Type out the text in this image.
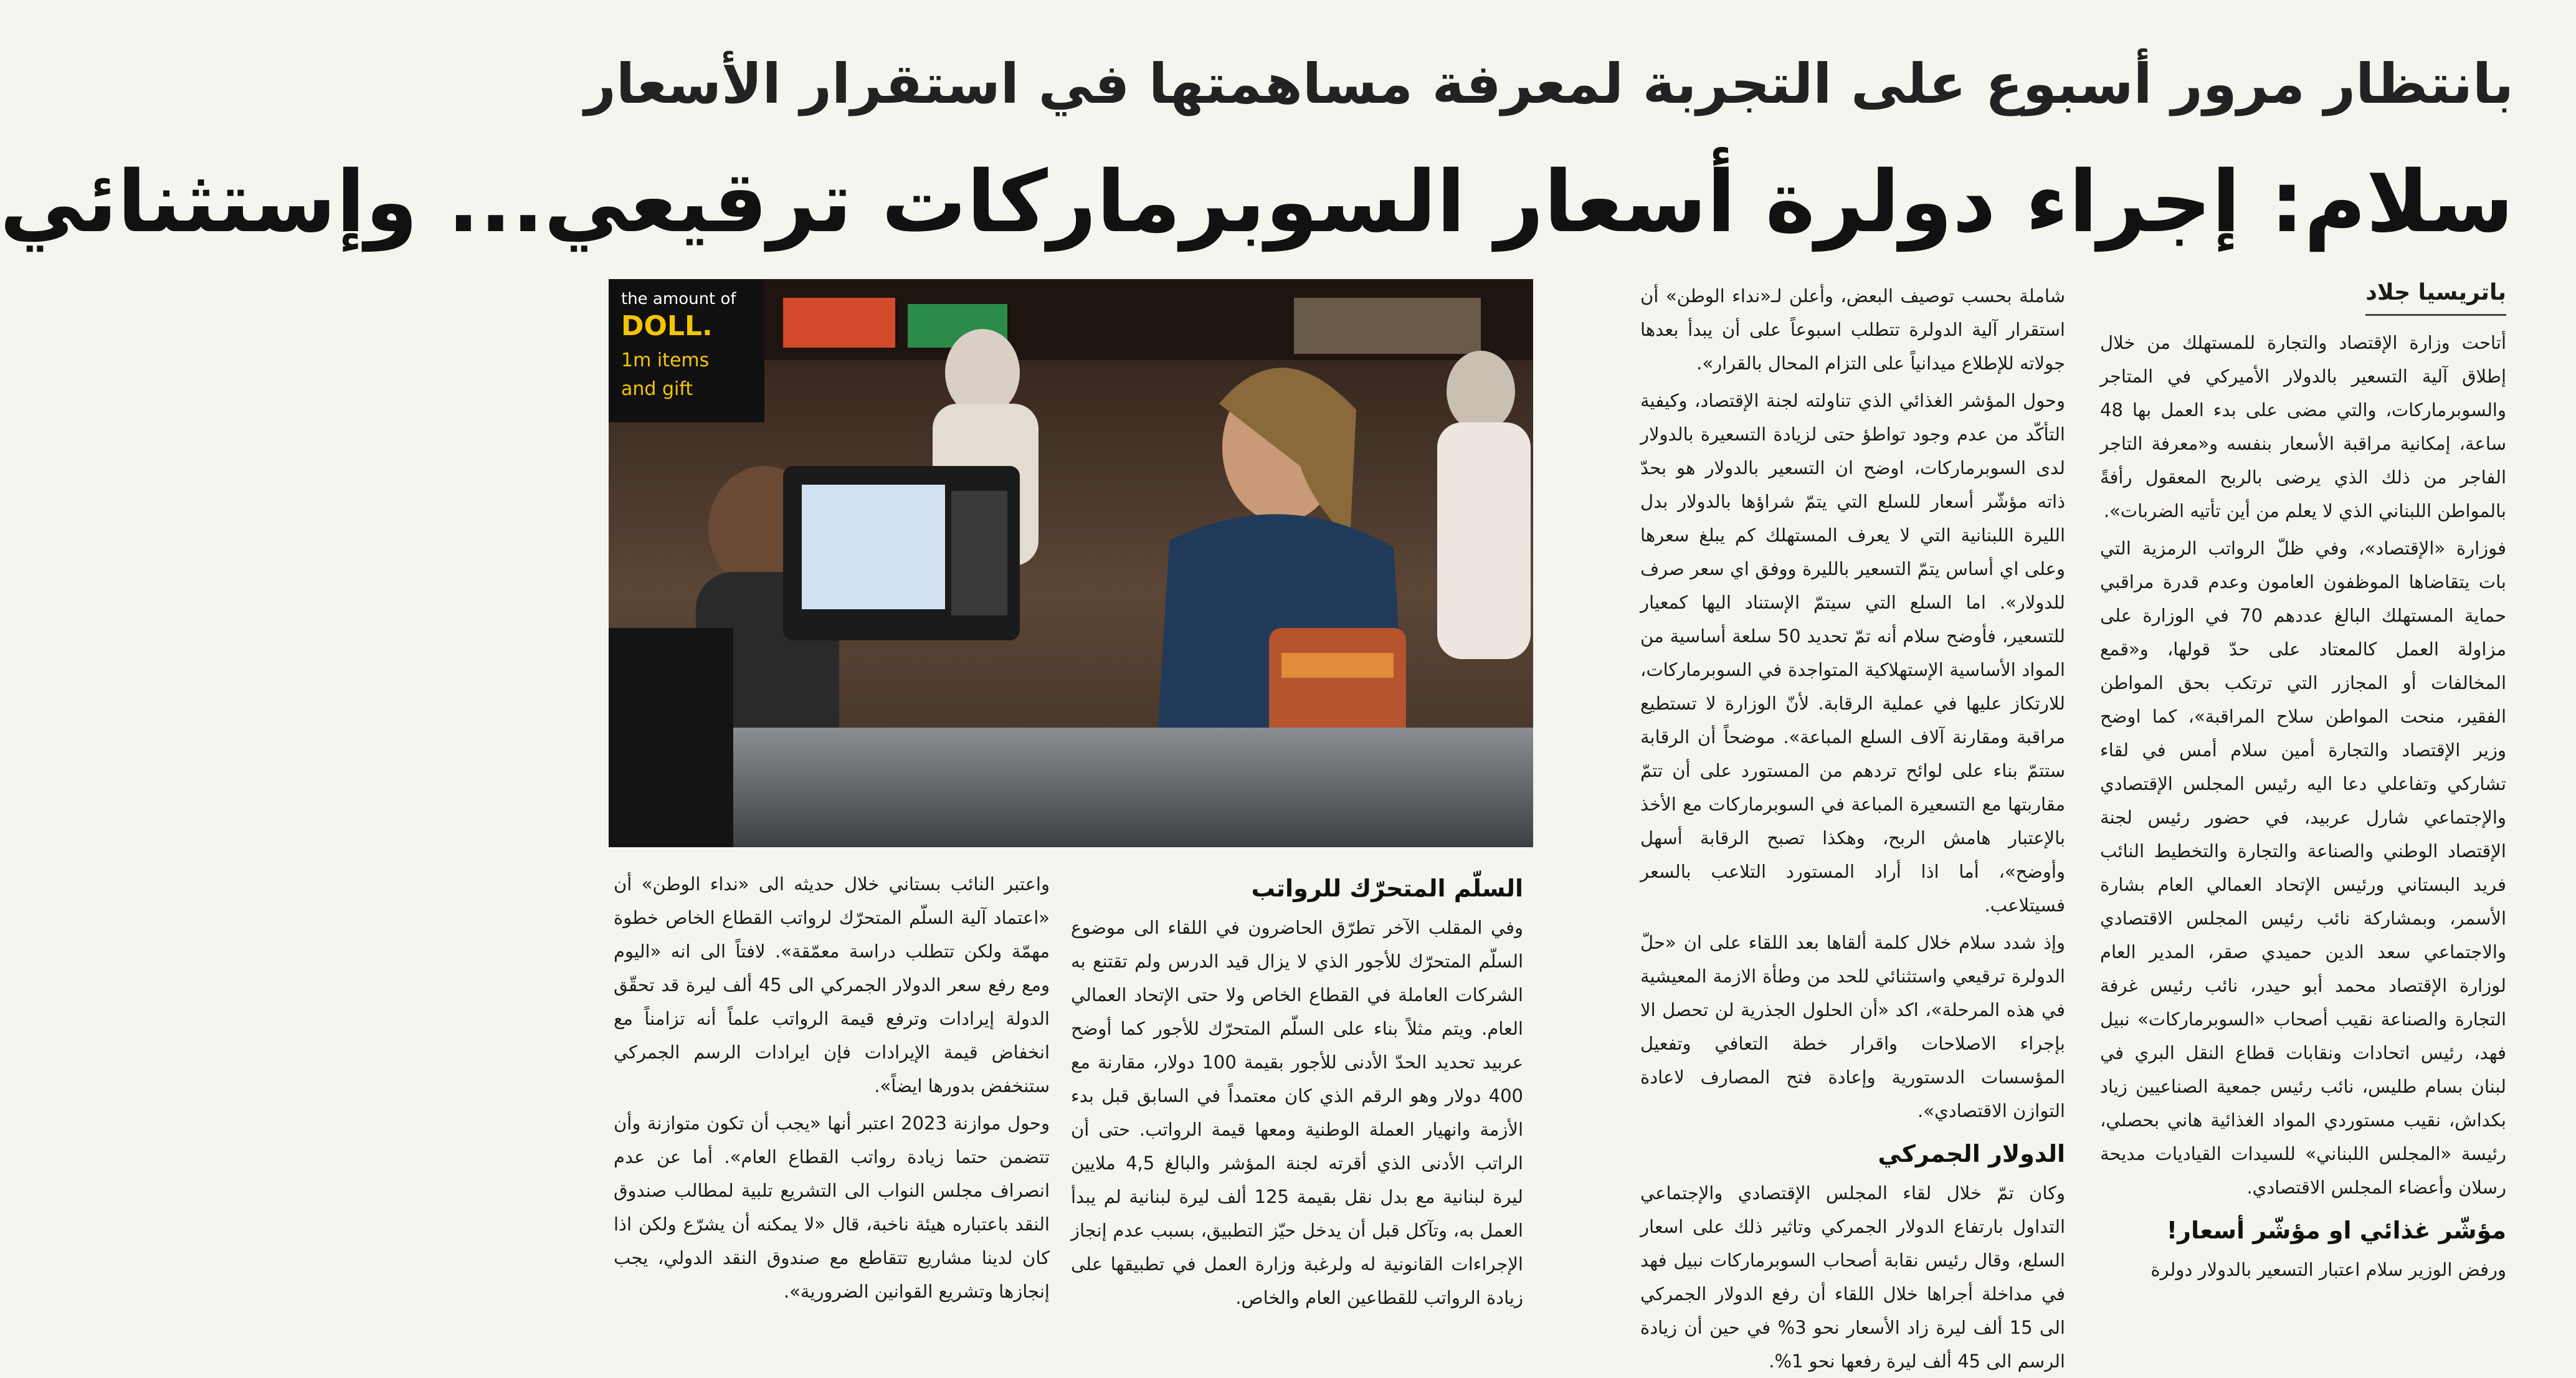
بانتظار مرور أسبوع على التجربة لمعرفة مساهمتها في استقرار الأسعار
سلام: إجراء دولرة أسعار السوبرماركات ترقيعي... وإستثنائي
باتريسيا جلاد

أتاحت وزارة الإقتصاد والتجارة للمستهلك من خلال إطلاق آلية التسعير بالدولار الأميركي في المتاجر والسوبرماركات، والتي مضى على بدء العمل بها 48 ساعة، إمكانية مراقبة الأسعار بنفسه و«معرفة التاجر الفاجر من ذلك الذي يرضى بالربح المعقول رأفةً بالمواطن اللبناني الذي لا يعلم من أين تأتيه الضربات».

فوزارة «الإقتصاد»، وفي ظلّ الرواتب الرمزية التي بات يتقاضاها الموظفون العامون وعدم قدرة مراقبي حماية المستهلك البالغ عددهم 70 في الوزارة على مزاولة العمل كالمعتاد على حدّ قولها، و«قمع المخالفات أو المجازر التي ترتكب بحق المواطن الفقير، منحت المواطن سلاح المراقبة»، كما اوضح وزير الإقتصاد والتجارة أمين سلام أمس في لقاء تشاركي وتفاعلي دعا اليه رئيس المجلس الإقتصادي والإجتماعي شارل عربيد، في حضور رئيس لجنة الإقتصاد الوطني والصناعة والتجارة والتخطيط النائب فريد البستاني ورئيس الإتحاد العمالي العام بشارة الأسمر، وبمشاركة نائب رئيس المجلس الاقتصادي والاجتماعي سعد الدين حميدي صقر، المدير العام لوزارة الإقتصاد محمد أبو حيدر، نائب رئيس غرفة التجارة والصناعة نقيب أصحاب «السوبرماركات» نبيل فهد، رئيس اتحادات ونقابات قطاع النقل البري في لبنان بسام طليس، نائب رئيس جمعية الصناعيين زياد بكداش، نقيب مستوردي المواد الغذائية هاني بحصلي، رئيسة «المجلس اللبناني» للسيدات القياديات مديحة رسلان وأعضاء المجلس الاقتصادي.

مؤشّر غذائي او مؤشّر أسعار!

ورفض الوزير سلام اعتبار التسعير بالدولار دولرة

شاملة بحسب توصيف البعض، وأعلن لـ«نداء الوطن» أن استقرار آلية الدولرة تتطلب اسبوعاً على أن يبدأ بعدها جولاته للإطلاع ميدانياً على التزام المحال بالقرار».

وحول المؤشر الغذائي الذي تناولته لجنة الإقتصاد، وكيفية التأكّد من عدم وجود تواطؤ حتى لزيادة التسعيرة بالدولار لدى السوبرماركات، اوضح ان التسعير بالدولار هو بحدّ ذاته مؤشّر أسعار للسلع التي يتمّ شراؤها بالدولار بدل الليرة اللبنانية التي لا يعرف المستهلك كم يبلغ سعرها وعلى اي أساس يتمّ التسعير بالليرة ووفق اي سعر صرف للدولار». اما السلع التي سيتمّ الإستناد اليها كمعيار للتسعير، فأوضح سلام أنه تمّ تحديد 50 سلعة أساسية من المواد الأساسية الإستهلاكية المتواجدة في السوبرماركات، للارتكاز عليها في عملية الرقابة. لأنّ الوزارة لا تستطيع مراقبة ومقارنة آلاف السلع المباعة». موضحاً أن الرقابة ستتمّ بناء على لوائح تردهم من المستورد على أن تتمّ مقاربتها مع التسعيرة المباعة في السوبرماركات مع الأخذ بالإعتبار هامش الربح، وهكذا تصبح الرقابة أسهل وأوضح»، أما اذا أراد المستورد التلاعب بالسعر فسيتلاعب.

وإذ شدد سلام خلال كلمة ألقاها بعد اللقاء على ان «حلّ الدولرة ترقيعي واستثنائي للحد من وطأة الازمة المعيشية في هذه المرحلة»، اكد «أن الحلول الجذرية لن تحصل الا بإجراء الاصلاحات واقرار خطة التعافي وتفعيل المؤسسات الدستورية وإعادة فتح المصارف لاعادة التوازن الاقتصادي».

الدولار الجمركي

وكان تمّ خلال لقاء المجلس الإقتصادي والإجتماعي التداول بارتفاع الدولار الجمركي وتاثير ذلك على اسعار السلع، وقال رئيس نقابة أصحاب السوبرماركات نبيل فهد في مداخلة أجراها خلال اللقاء أن رفع الدولار الجمركي الى 15 ألف ليرة زاد الأسعار نحو 3% في حين أن زيادة الرسم الى 45 ألف ليرة رفعها نحو 1%.

the amount of
DOLL.
1m items
and gift
السلّم المتحرّك للرواتب

وفي المقلب الآخر تطرّق الحاضرون في اللقاء الى موضوع السلّم المتحرّك للأجور الذي لا يزال قيد الدرس ولم تقتنع به الشركات العاملة في القطاع الخاص ولا حتى الإتحاد العمالي العام. ويتم مثلاً بناء على السلّم المتحرّك للأجور كما أوضح عربيد تحديد الحدّ الأدنى للأجور بقيمة 100 دولار، مقارنة مع 400 دولار وهو الرقم الذي كان معتمداً في السابق قبل بدء الأزمة وانهيار العملة الوطنية ومعها قيمة الرواتب. حتى أن الراتب الأدنى الذي أقرته لجنة المؤشر والبالغ 4,5 ملايين ليرة لبنانية مع بدل نقل بقيمة 125 ألف ليرة لبنانية لم يبدأ العمل به، وتآكل قبل أن يدخل حيّز التطبيق، بسبب عدم إنجاز الإجراءات القانونية له ولرغبة وزارة العمل في تطبيقها على زيادة الرواتب للقطاعين العام والخاص.

واعتبر النائب بستاني خلال حديثه الى «نداء الوطن» أن «اعتماد آلية السلّم المتحرّك لرواتب القطاع الخاص خطوة مهمّة ولكن تتطلب دراسة معمّقة». لافتاً الى انه «اليوم ومع رفع سعر الدولار الجمركي الى 45 ألف ليرة قد تحقّق الدولة إيرادات وترفع قيمة الرواتب علماً أنه تزامناً مع انخفاض قيمة الإيرادات فإن ايرادات الرسم الجمركي ستنخفض بدورها ايضاً».

وحول موازنة 2023 اعتبر أنها «يجب أن تكون متوازنة وأن تتضمن حتما زيادة رواتب القطاع العام». أما عن عدم انصراف مجلس النواب الى التشريع تلبية لمطالب صندوق النقد باعتباره هيئة ناخبة، قال «لا يمكنه أن يشرّع ولكن اذا كان لدينا مشاريع تتقاطع مع صندوق النقد الدولي، يجب إنجازها وتشريع القوانين الضرورية».
